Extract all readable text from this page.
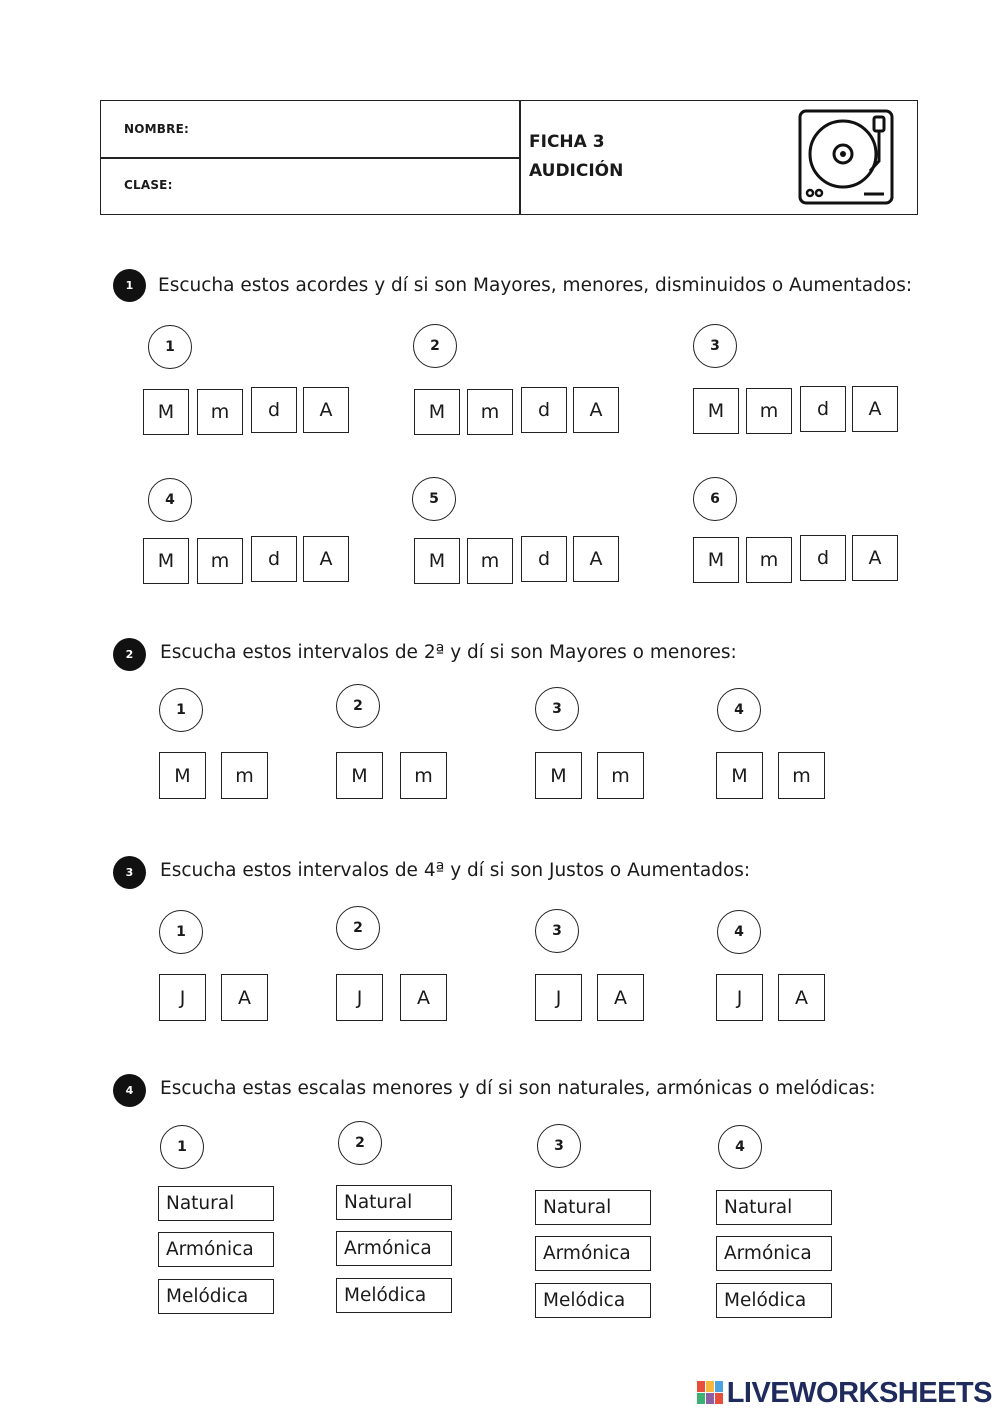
NOMBRE:
CLASE:
FICHA 3
AUDICIÓN
1	Escucha estos acordes y dí si son Mayores, menores, disminuidos o Aumentados:
1
M	m	d	A
2
M	m	d	A
3
M	m	d	A
4
M	m	d	A
5
M	m	d	A
6
M	m	d	A
2	Escucha estos intervalos de 2ª y dí si son Mayores o menores:
1
M	m
2
M	m
3
M	m
4
M	m
3	Escucha estos intervalos de 4ª y dí si son Justos o Aumentados:
1
J	A
2
J	A
3
J	A
4
J	A
4	Escucha estas escalas menores y dí si son naturales, armónicas o melódicas:
1
Natural
Armónica
Melódica
2
Natural
Armónica
Melódica
3
Natural
Armónica
Melódica
4
Natural
Armónica
Melódica
LIVEWORKSHEETS
